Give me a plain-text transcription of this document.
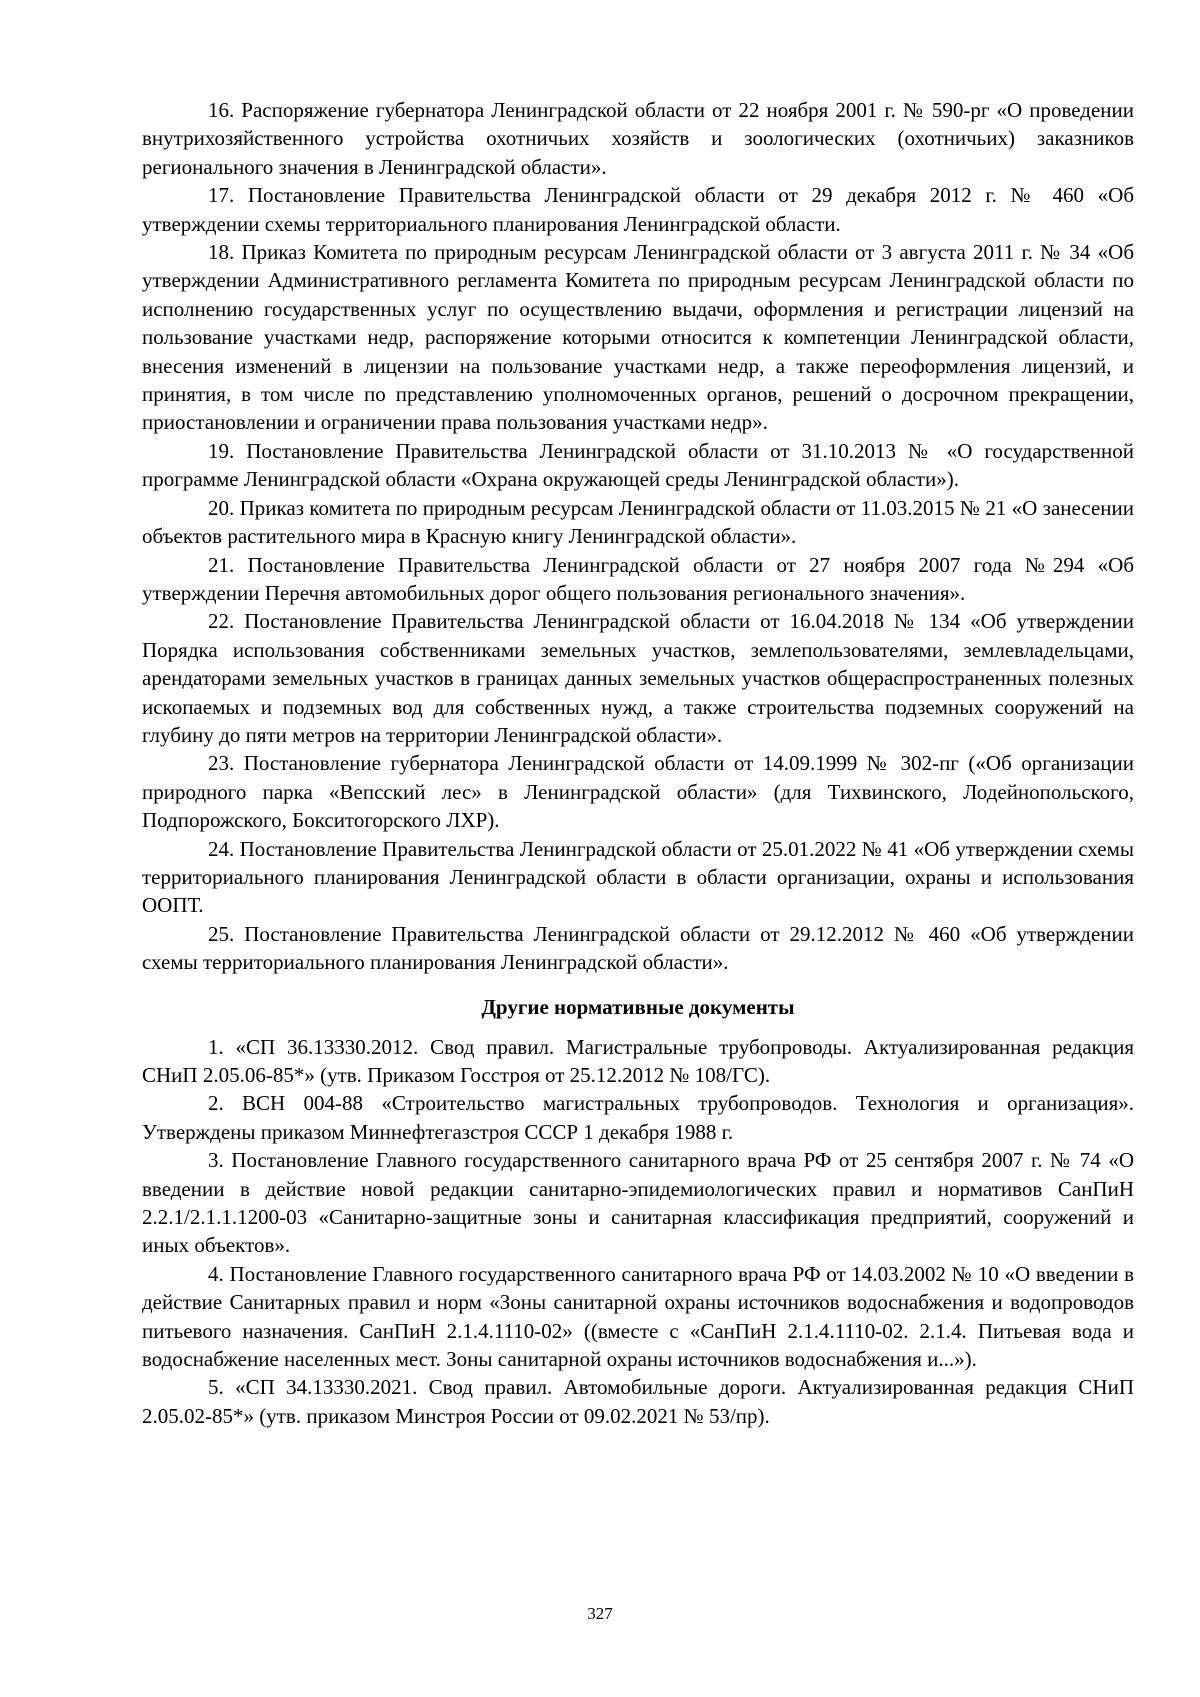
16. Распоряжение губернатора Ленинградской области от 22 ноября 2001 г. № 590-рг «О проведении внутрихозяйственного устройства охотничьих хозяйств и зоологических (охотничьих) заказников регионального значения в Ленинградской области».

17. Постановление Правительства Ленинградской области от 29 декабря 2012 г. № 460 «Об утверждении схемы территориального планирования Ленинградской области.

18. Приказ Комитета по природным ресурсам Ленинградской области от 3 августа 2011 г. № 34 «Об утверждении Административного регламента Комитета по природным ресурсам Ленинградской области по исполнению государственных услуг по осуществлению выдачи, оформления и регистрации лицензий на пользование участками недр, распоряжение которыми относится к компетенции Ленинградской области, внесения изменений в лицензии на пользование участками недр, а также переоформления лицензий, и принятия, в том числе по представлению уполномоченных органов, решений о досрочном прекращении, приостановлении и ограничении права пользования участками недр».

19. Постановление Правительства Ленинградской области от 31.10.2013 № «О государственной программе Ленинградской области «Охрана окружающей среды Ленинградской области»).

20. Приказ комитета по природным ресурсам Ленинградской области от 11.03.2015 № 21 «О занесении объектов растительного мира в Красную книгу Ленинградской области».

21. Постановление Правительства Ленинградской области от 27 ноября 2007 года №294 «Об утверждении Перечня автомобильных дорог общего пользования регионального значения».

22. Постановление Правительства Ленинградской области от 16.04.2018 № 134 «Об утверждении Порядка использования собственниками земельных участков, землепользователями, землевладельцами, арендаторами земельных участков в границах данных земельных участков общераспространенных полезных ископаемых и подземных вод для собственных нужд, а также строительства подземных сооружений на глубину до пяти метров на территории Ленинградской области».

23. Постановление губернатора Ленинградской области от 14.09.1999 № 302-пг («Об организации природного парка «Вепсский лес» в Ленинградской области» (для Тихвинского, Лодейнопольского, Подпорожского, Бокситогорского ЛХР).

24. Постановление Правительства Ленинградской области от 25.01.2022 № 41 «Об утверждении схемы территориального планирования Ленинградской области в области организации, охраны и использования ООПТ.

25. Постановление Правительства Ленинградской области от 29.12.2012 № 460 «Об утверждении схемы территориального планирования Ленинградской области».

Другие нормативные документы

1. «СП 36.13330.2012. Свод правил. Магистральные трубопроводы. Актуализированная редакция СНиП 2.05.06-85*» (утв. Приказом Госстроя от 25.12.2012 № 108/ГС).

2. ВСН 004-88 «Строительство магистральных трубопроводов. Технология и организация». Утверждены приказом Миннефтегазстроя СССР 1 декабря 1988 г.

3. Постановление Главного государственного санитарного врача РФ от 25 сентября 2007 г. № 74 «О введении в действие новой редакции санитарно-эпидемиологических правил и нормативов СанПиН 2.2.1/2.1.1.1200-03 «Санитарно-защитные зоны и санитарная классификация предприятий, сооружений и иных объектов».

4. Постановление Главного государственного санитарного врача РФ от 14.03.2002 № 10 «О введении в действие Санитарных правил и норм «Зоны санитарной охраны источников водоснабжения и водопроводов питьевого назначения. СанПиН 2.1.4.1110-02» ((вместе с «СанПиН 2.1.4.1110-02. 2.1.4. Питьевая вода и водоснабжение населенных мест. Зоны санитарной охраны источников водоснабжения и...»).

5. «СП 34.13330.2021. Свод правил. Автомобильные дороги. Актуализированная редакция СНиП 2.05.02-85*» (утв. приказом Минстроя России от 09.02.2021 № 53/пр).

327
